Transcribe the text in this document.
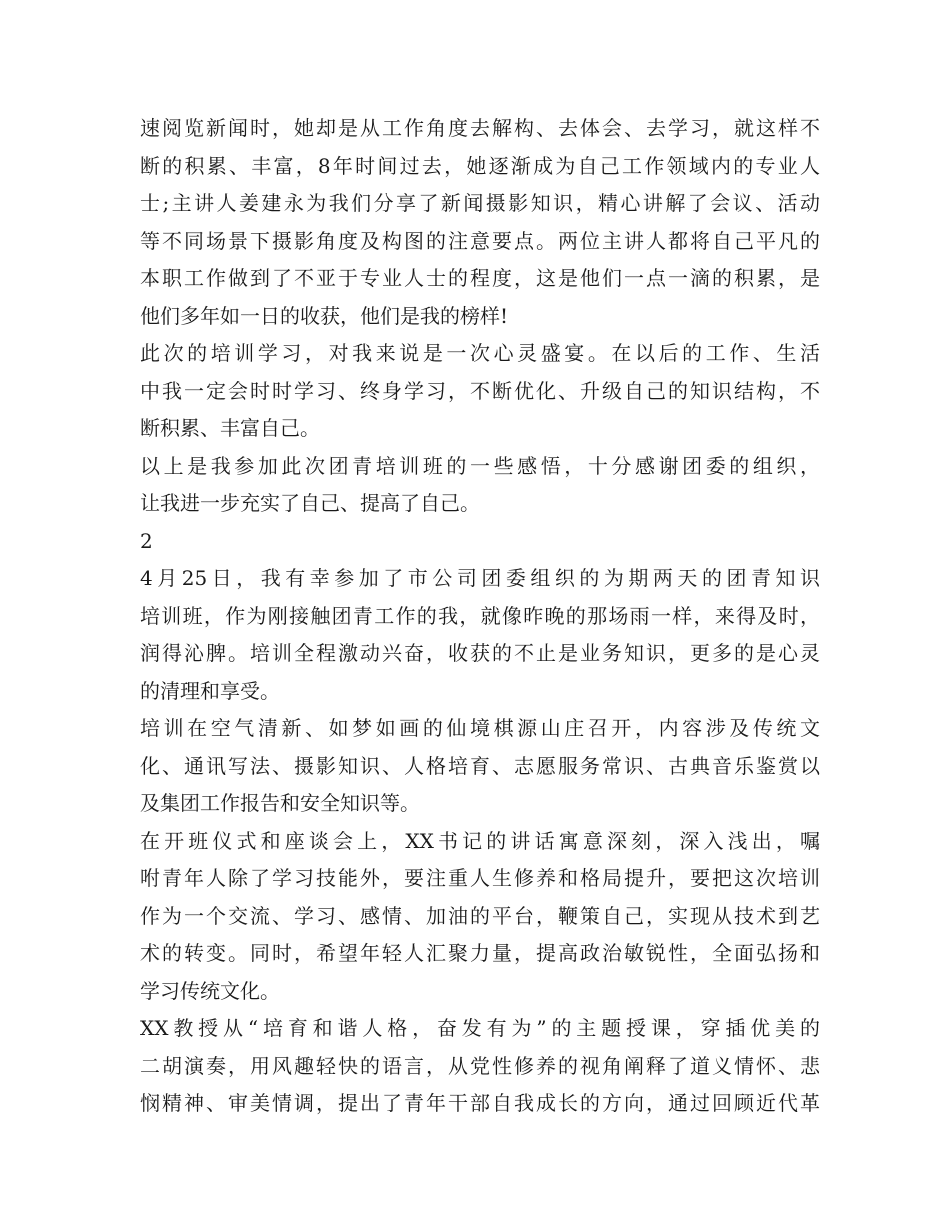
速阅览新闻时，她却是从工作角度去解构、去体会、去学习，就这样不
断的积累、丰富，8年时间过去，她逐渐成为自己工作领域内的专业人
士;主讲人姜建永为我们分享了新闻摄影知识，精心讲解了会议、活动
等不同场景下摄影角度及构图的注意要点。两位主讲人都将自己平凡的
本职工作做到了不亚于专业人士的程度，这是他们一点一滴的积累，是
他们多年如一日的收获，他们是我的榜样!
此次的培训学习，对我来说是一次心灵盛宴。在以后的工作、生活
中我一定会时时学习、终身学习，不断优化、升级自己的知识结构，不
断积累、丰富自己。
以上是我参加此次团青培训班的一些感悟，十分感谢团委的组织，
让我进一步充实了自己、提高了自己。
2
4月25日，我有幸参加了市公司团委组织的为期两天的团青知识
培训班，作为刚接触团青工作的我，就像昨晚的那场雨一样，来得及时，
润得沁脾。培训全程激动兴奋，收获的不止是业务知识，更多的是心灵
的清理和享受。
培训在空气清新、如梦如画的仙境棋源山庄召开，内容涉及传统文
化、通讯写法、摄影知识、人格培育、志愿服务常识、古典音乐鉴赏以
及集团工作报告和安全知识等。
在开班仪式和座谈会上，XX书记的讲话寓意深刻，深入浅出，嘱
咐青年人除了学习技能外，要注重人生修养和格局提升，要把这次培训
作为一个交流、学习、感情、加油的平台，鞭策自己，实现从技术到艺
术的转变。同时，希望年轻人汇聚力量，提高政治敏锐性，全面弘扬和
学习传统文化。
XX教授从“培育和谐人格，奋发有为”的主题授课，穿插优美的
二胡演奏，用风趣轻快的语言，从党性修养的视角阐释了道义情怀、悲
悯精神、审美情调，提出了青年干部自我成长的方向，通过回顾近代革
